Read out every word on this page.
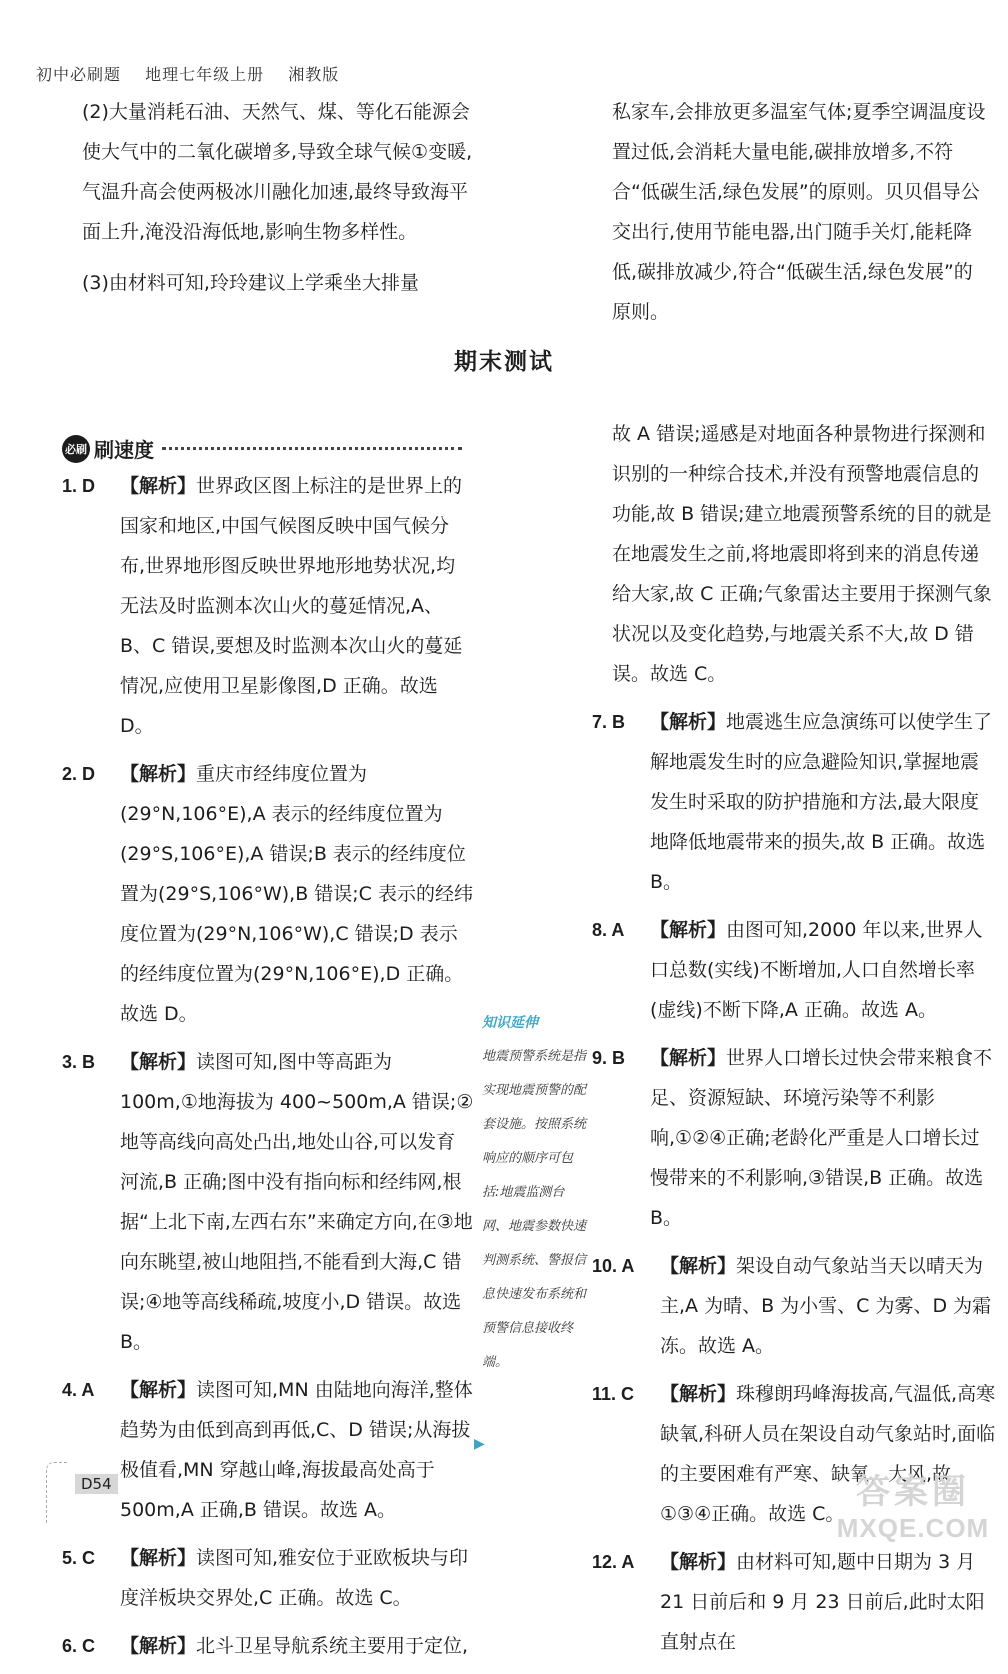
初中必刷题 地理七年级上册 湘教版

(2)大量消耗石油、天然气、煤、等化石能源会使大气中的二氧化碳增多,导致全球气候①变暖,气温升高会使两极冰川融化加速,最终导致海平面上升,淹没沿海低地,影响生物多样性。

(3)由材料可知,玲玲建议上学乘坐大排量

私家车,会排放更多温室气体;夏季空调温度设置过低,会消耗大量电能,碳排放增多,不符合“低碳生活,绿色发展”的原则。贝贝倡导公交出行,使用节能电器,出门随手关灯,能耗降低,碳排放减少,符合“低碳生活,绿色发展”的原则。

期末测试
必刷 刷速度
1. D	【解析】世界政区图上标注的是世界上的国家和地区,中国气候图反映中国气候分布,世界地形图反映世界地形地势状况,均无法及时监测本次山火的蔓延情况,A、B、C 错误,要想及时监测本次山火的蔓延情况,应使用卫星影像图,D 正确。故选 D。
2. D	【解析】重庆市经纬度位置为(29°N,106°E),A 表示的经纬度位置为(29°S,106°E),A 错误;B 表示的经纬度位置为(29°S,106°W),B 错误;C 表示的经纬度位置为(29°N,106°W),C 错误;D 表示的经纬度位置为(29°N,106°E),D 正确。故选 D。
3. B	【解析】读图可知,图中等高距为 100m,①地海拔为 400~500m,A 错误;②地等高线向高处凸出,地处山谷,可以发育河流,B 正确;图中没有指向标和经纬网,根据“上北下南,左西右东”来确定方向,在③地向东眺望,被山地阻挡,不能看到大海,C 错误;④地等高线稀疏,坡度小,D 错误。故选 B。
4. A	【解析】读图可知,MN 由陆地向海洋,整体趋势为由低到高到再低,C、D 错误;从海拔极值看,MN 穿越山峰,海拔最高处高于 500m,A 正确,B 错误。故选 A。
5. C	【解析】读图可知,雅安位于亚欧板块与印度洋板块交界处,C 正确。故选 C。
6. C	【解析】北斗卫星导航系统主要用于定位,
知识延伸
地震预警系统是指实现地震预警的配套设施。按照系统响应的顺序可包括:地震监测台网、地震参数快速判测系统、警报信息快速发布系统和预警信息接收终端。
▶
故 A 错误;遥感是对地面各种景物进行探测和识别的一种综合技术,并没有预警地震信息的功能,故 B 错误;建立地震预警系统的目的就是在地震发生之前,将地震即将到来的消息传递给大家,故 C 正确;气象雷达主要用于探测气象状况以及变化趋势,与地震关系不大,故 D 错误。故选 C。
7. B	【解析】地震逃生应急演练可以使学生了解地震发生时的应急避险知识,掌握地震发生时采取的防护措施和方法,最大限度地降低地震带来的损失,故 B 正确。故选 B。
8. A	【解析】由图可知,2000 年以来,世界人口总数(实线)不断增加,人口自然增长率(虚线)不断下降,A 正确。故选 A。
9. B	【解析】世界人口增长过快会带来粮食不足、资源短缺、环境污染等不利影响,①②④正确;老龄化严重是人口增长过慢带来的不利影响,③错误,B 正确。故选 B。
10. A	【解析】架设自动气象站当天以晴天为主,A 为晴、B 为小雪、C 为雾、D 为霜冻。故选 A。
11. C	【解析】珠穆朗玛峰海拔高,气温低,高寒缺氧,科研人员在架设自动气象站时,面临的主要困难有严寒、缺氧、大风,故①③④正确。故选 C。
12. A	【解析】由材料可知,题中日期为 3 月 21 日前后和 9 月 23 日前后,此时太阳直射点在
D54	答案圈
MXQE.COM
